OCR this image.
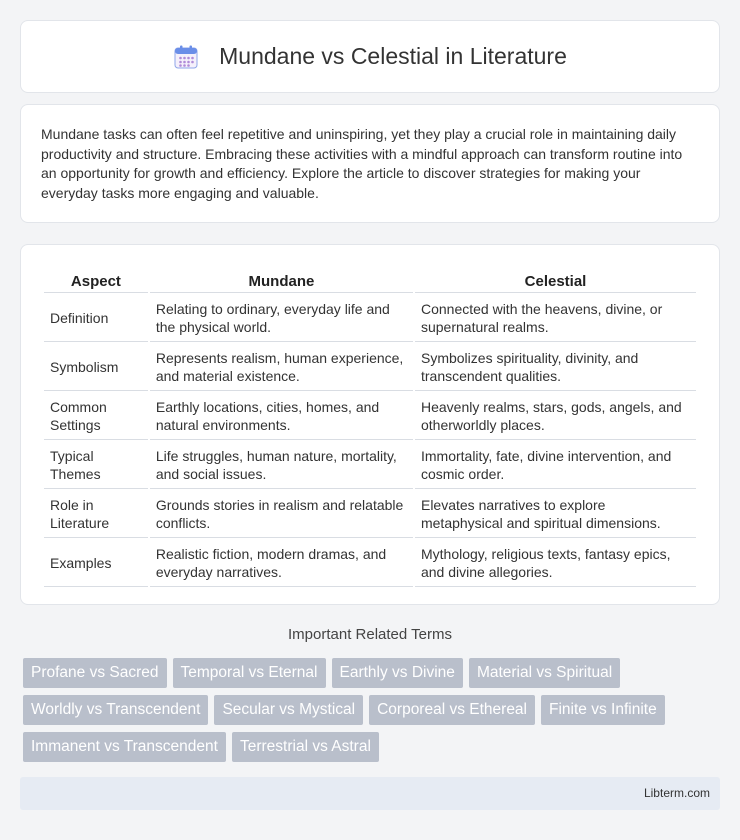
Mundane vs Celestial in Literature

Mundane tasks can often feel repetitive and uninspiring, yet they play a crucial role in maintaining daily productivity and structure. Embracing these activities with a mindful approach can transform routine into an opportunity for growth and efficiency. Explore the article to discover strategies for making your everyday tasks more engaging and valuable.

Aspect	Mundane	Celestial
Definition	Relating to ordinary, everyday life and the physical world.	Connected with the heavens, divine, or supernatural realms.
Symbolism	Represents realism, human experience, and material existence.	Symbolizes spirituality, divinity, and transcendent qualities.
Common Settings	Earthly locations, cities, homes, and natural environments.	Heavenly realms, stars, gods, angels, and otherworldly places.
Typical Themes	Life struggles, human nature, mortality, and social issues.	Immortality, fate, divine intervention, and cosmic order.
Role in Literature	Grounds stories in realism and relatable conflicts.	Elevates narratives to explore metaphysical and spiritual dimensions.
Examples	Realistic fiction, modern dramas, and everyday narratives.	Mythology, religious texts, fantasy epics, and divine allegories.
Important Related Terms
Profane vs Sacred	Temporal vs Eternal	Earthly vs Divine	Material vs Spiritual
Worldly vs Transcendent	Secular vs Mystical	Corporeal vs Ethereal	Finite vs Infinite
Immanent vs Transcendent	Terrestrial vs Astral
Libterm.com
